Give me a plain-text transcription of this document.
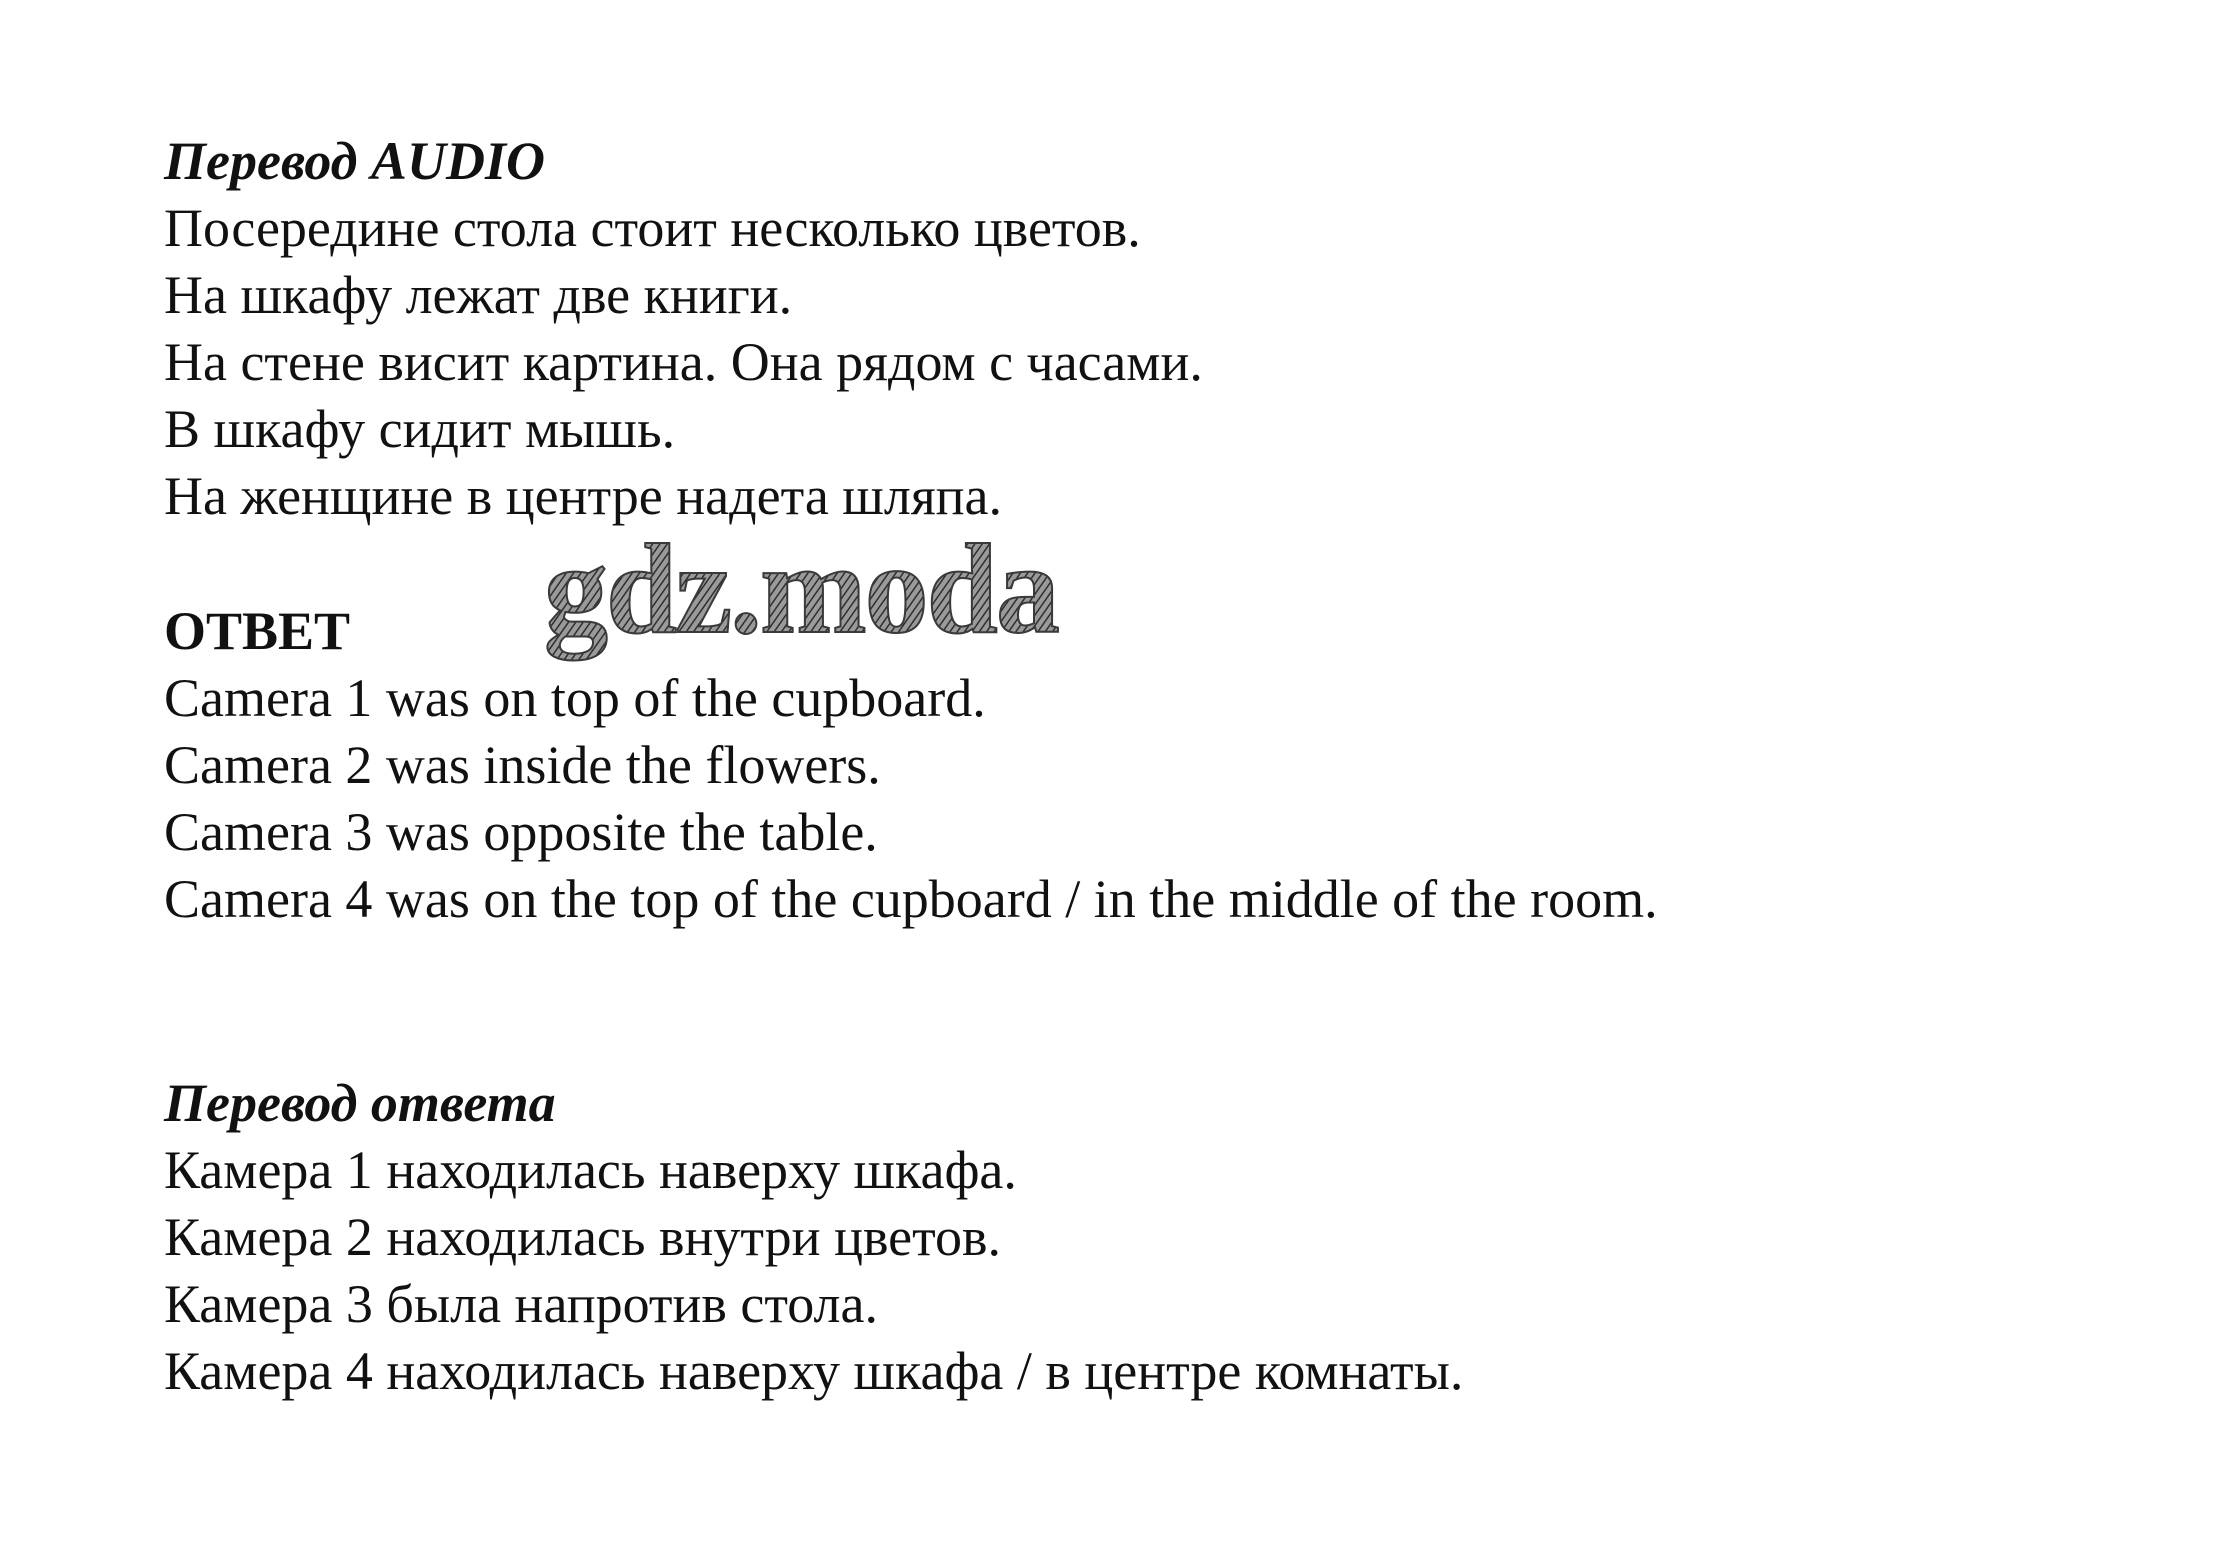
Перевод AUDIO
Посередине стола стоит несколько цветов.
На шкафу лежат две книги.
На стене висит картина. Она рядом с часами.
В шкафу сидит мышь.
На женщине в центре надета шляпа.
ОТВЕТ
Camera 1 was on top of the cupboard.
Camera 2 was inside the flowers.
Camera 3 was opposite the table.
Camera 4 was on the top of the cupboard / in the middle of the room.
Перевод ответа
Камера 1 находилась наверху шкафа.
Камера 2 находилась внутри цветов.
Камера 3 была напротив стола.
Камера 4 находилась наверху шкафа / в центре комнаты.
gdz.moda
